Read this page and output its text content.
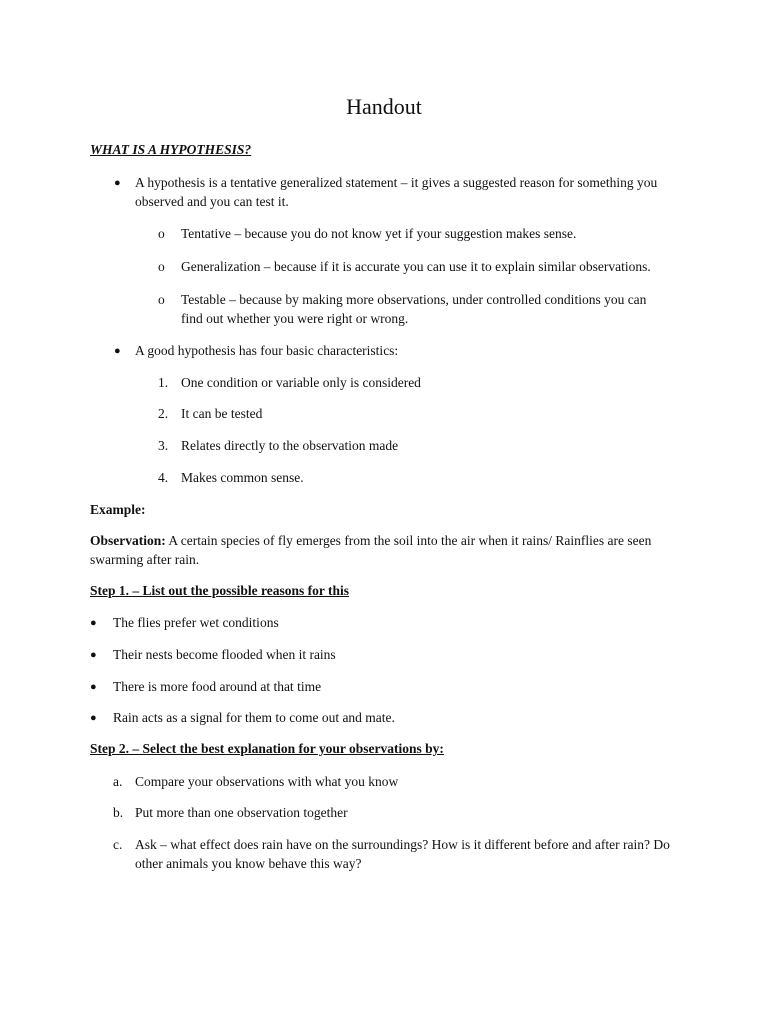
Handout
WHAT IS A HYPOTHESIS?
● A hypothesis is a tentative generalized statement – it gives a suggested reason for something you observed and you can test it.
o Tentative – because you do not know yet if your suggestion makes sense.
o Generalization – because if it is accurate you can use it to explain similar observations.
o Testable – because by making more observations, under controlled conditions you can find out whether you were right or wrong.
● A good hypothesis has four basic characteristics:
1. One condition or variable only is considered
2. It can be tested
3. Relates directly to the observation made
4. Makes common sense.
Example:
Observation: A certain species of fly emerges from the soil into the air when it rains/ Rainflies are seen swarming after rain.
Step 1. – List out the possible reasons for this
● The flies prefer wet conditions
● Their nests become flooded when it rains
● There is more food around at that time
● Rain acts as a signal for them to come out and mate.
Step 2. – Select the best explanation for your observations by:
a. Compare your observations with what you know
b. Put more than one observation together
c. Ask – what effect does rain have on the surroundings? How is it different before and after rain? Do other animals you know behave this way?
